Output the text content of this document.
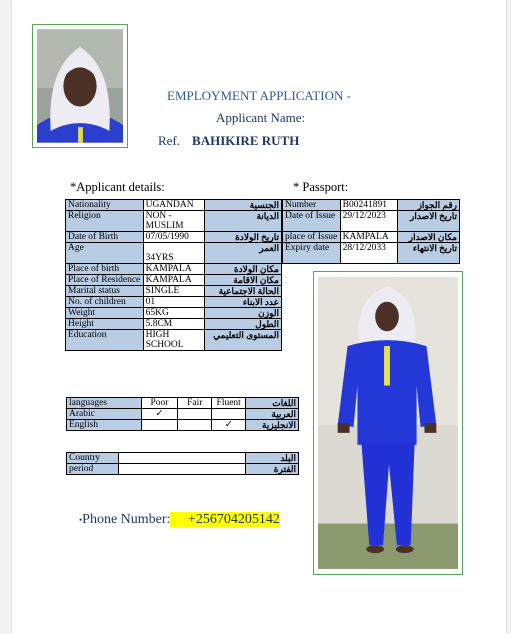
EMPLOYMENT APPLICATION -
Applicant Name:
Ref. BAHIKIRE RUTH
*Applicant details:	* Passport:
Nationality	UGANDAN	الجنسية
Religion	NON - MUSLIM	الديانة
Date of Birth	07/05/1990	تاريخ الولادة
Age	34YRS	العمر
Place of birth	KAMPALA	مكان الولادة
Place of Residence	KAMPALA	مكان الاقامة
Marital status	SINGLE	الحالة الاجتماعية
No. of children	01	عدد الابناء
Weight	65KG	الوزن
Height	5.8CM	الطول
Education	HIGH SCHOOL	المستوى التعليمي
Number	B00241891	رقم الجواز
Date of Issue	29/12/2023	تاريخ الاصدار
place of Issue	KAMPALA	مكان الاصدار
Expiry date	28/12/2033	تاريخ الانتهاء
languages	Poor	Fair	Fluent	اللغات
Arabic	✓			العربية
English			✓	الانجليزية
Country		البلد
period		الفترة
•Phone Number: +256704205142
